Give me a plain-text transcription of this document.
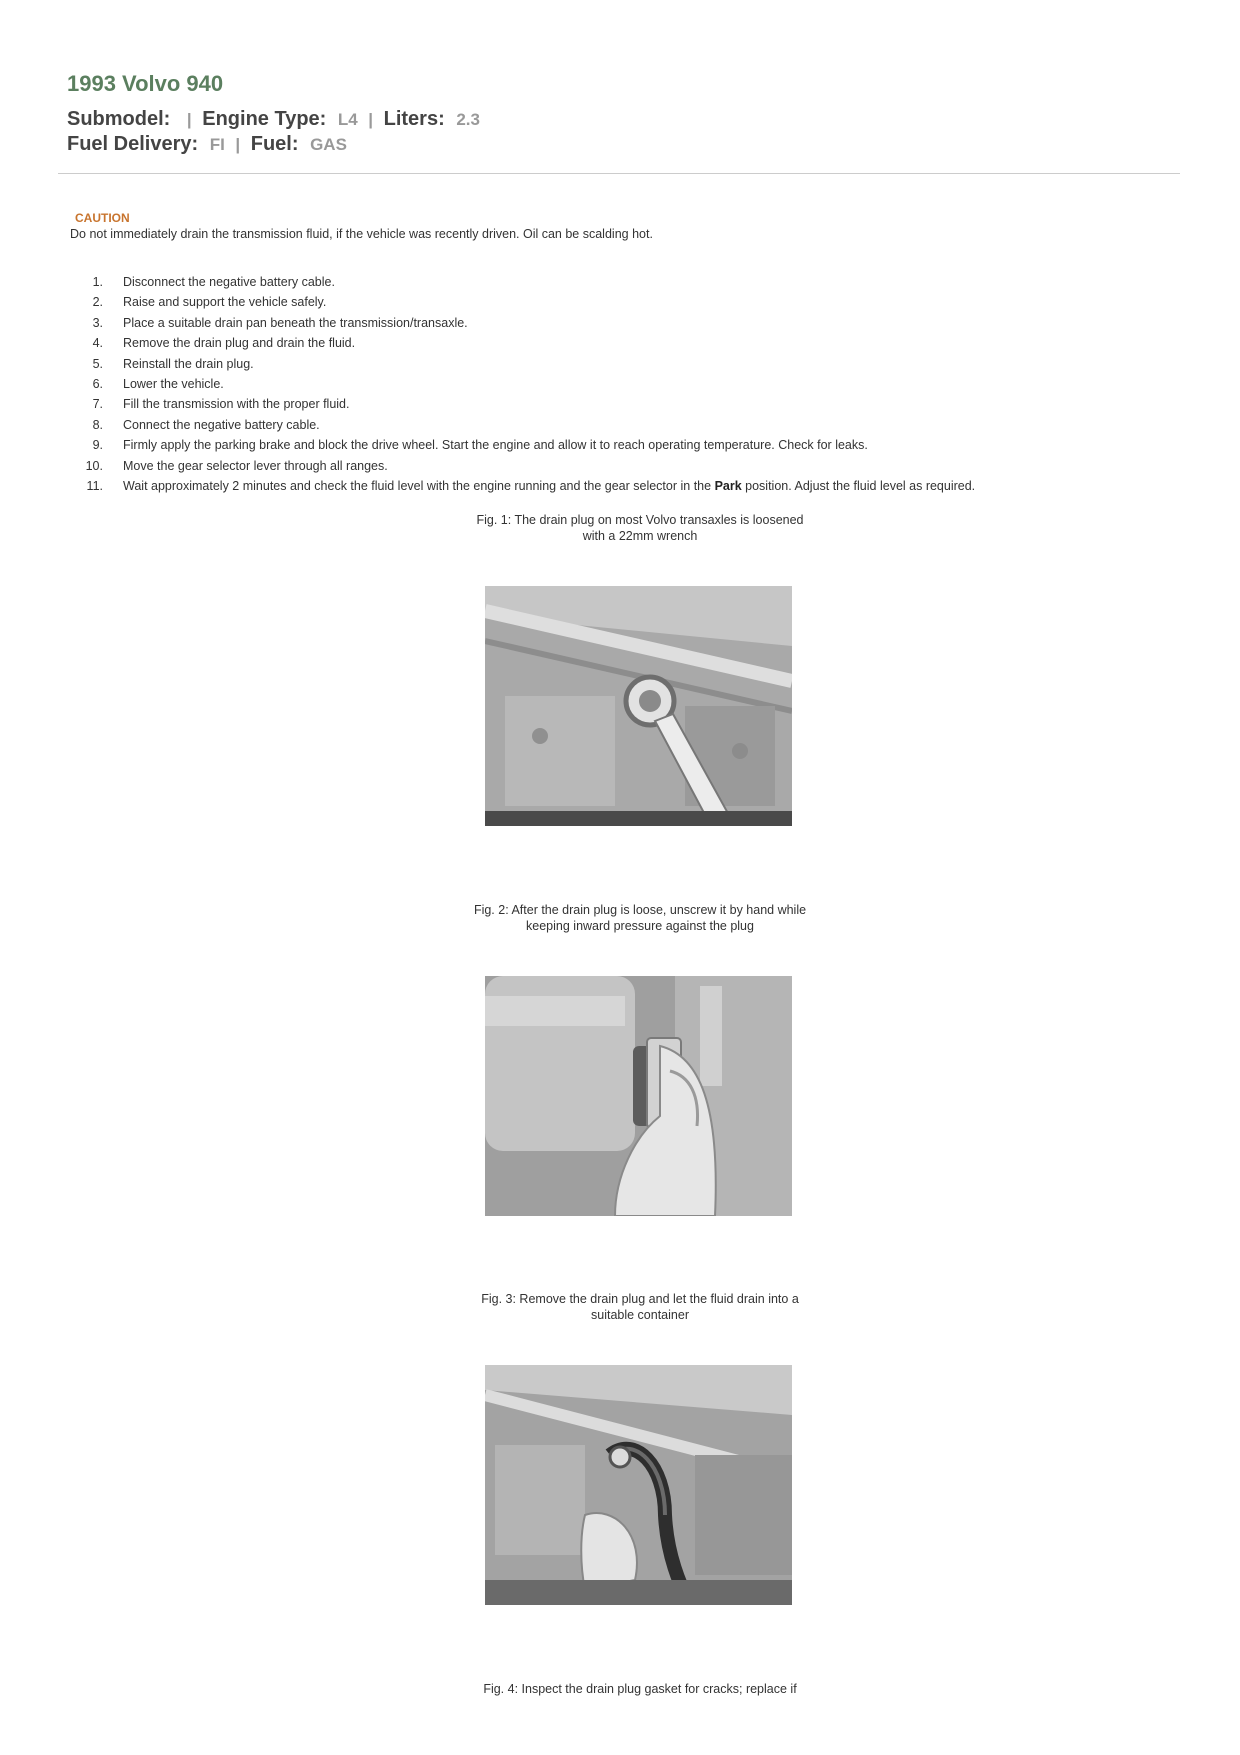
1993 Volvo 940
Submodel: | Engine Type: L4 | Liters: 2.3
Fuel Delivery: FI | Fuel: GAS
CAUTION
Do not immediately drain the transmission fluid, if the vehicle was recently driven. Oil can be scalding hot.
1. Disconnect the negative battery cable.
2. Raise and support the vehicle safely.
3. Place a suitable drain pan beneath the transmission/transaxle.
4. Remove the drain plug and drain the fluid.
5. Reinstall the drain plug.
6. Lower the vehicle.
7. Fill the transmission with the proper fluid.
8. Connect the negative battery cable.
9. Firmly apply the parking brake and block the drive wheel. Start the engine and allow it to reach operating temperature. Check for leaks.
10. Move the gear selector lever through all ranges.
11. Wait approximately 2 minutes and check the fluid level with the engine running and the gear selector in the Park position. Adjust the fluid level as required.
Fig. 1: The drain plug on most Volvo transaxles is loosened
with a 22mm wrench
Fig. 2: After the drain plug is loose, unscrew it by hand while
keeping inward pressure against the plug
Fig. 3: Remove the drain plug and let the fluid drain into a
suitable container
Fig. 4: Inspect the drain plug gasket for cracks; replace if
